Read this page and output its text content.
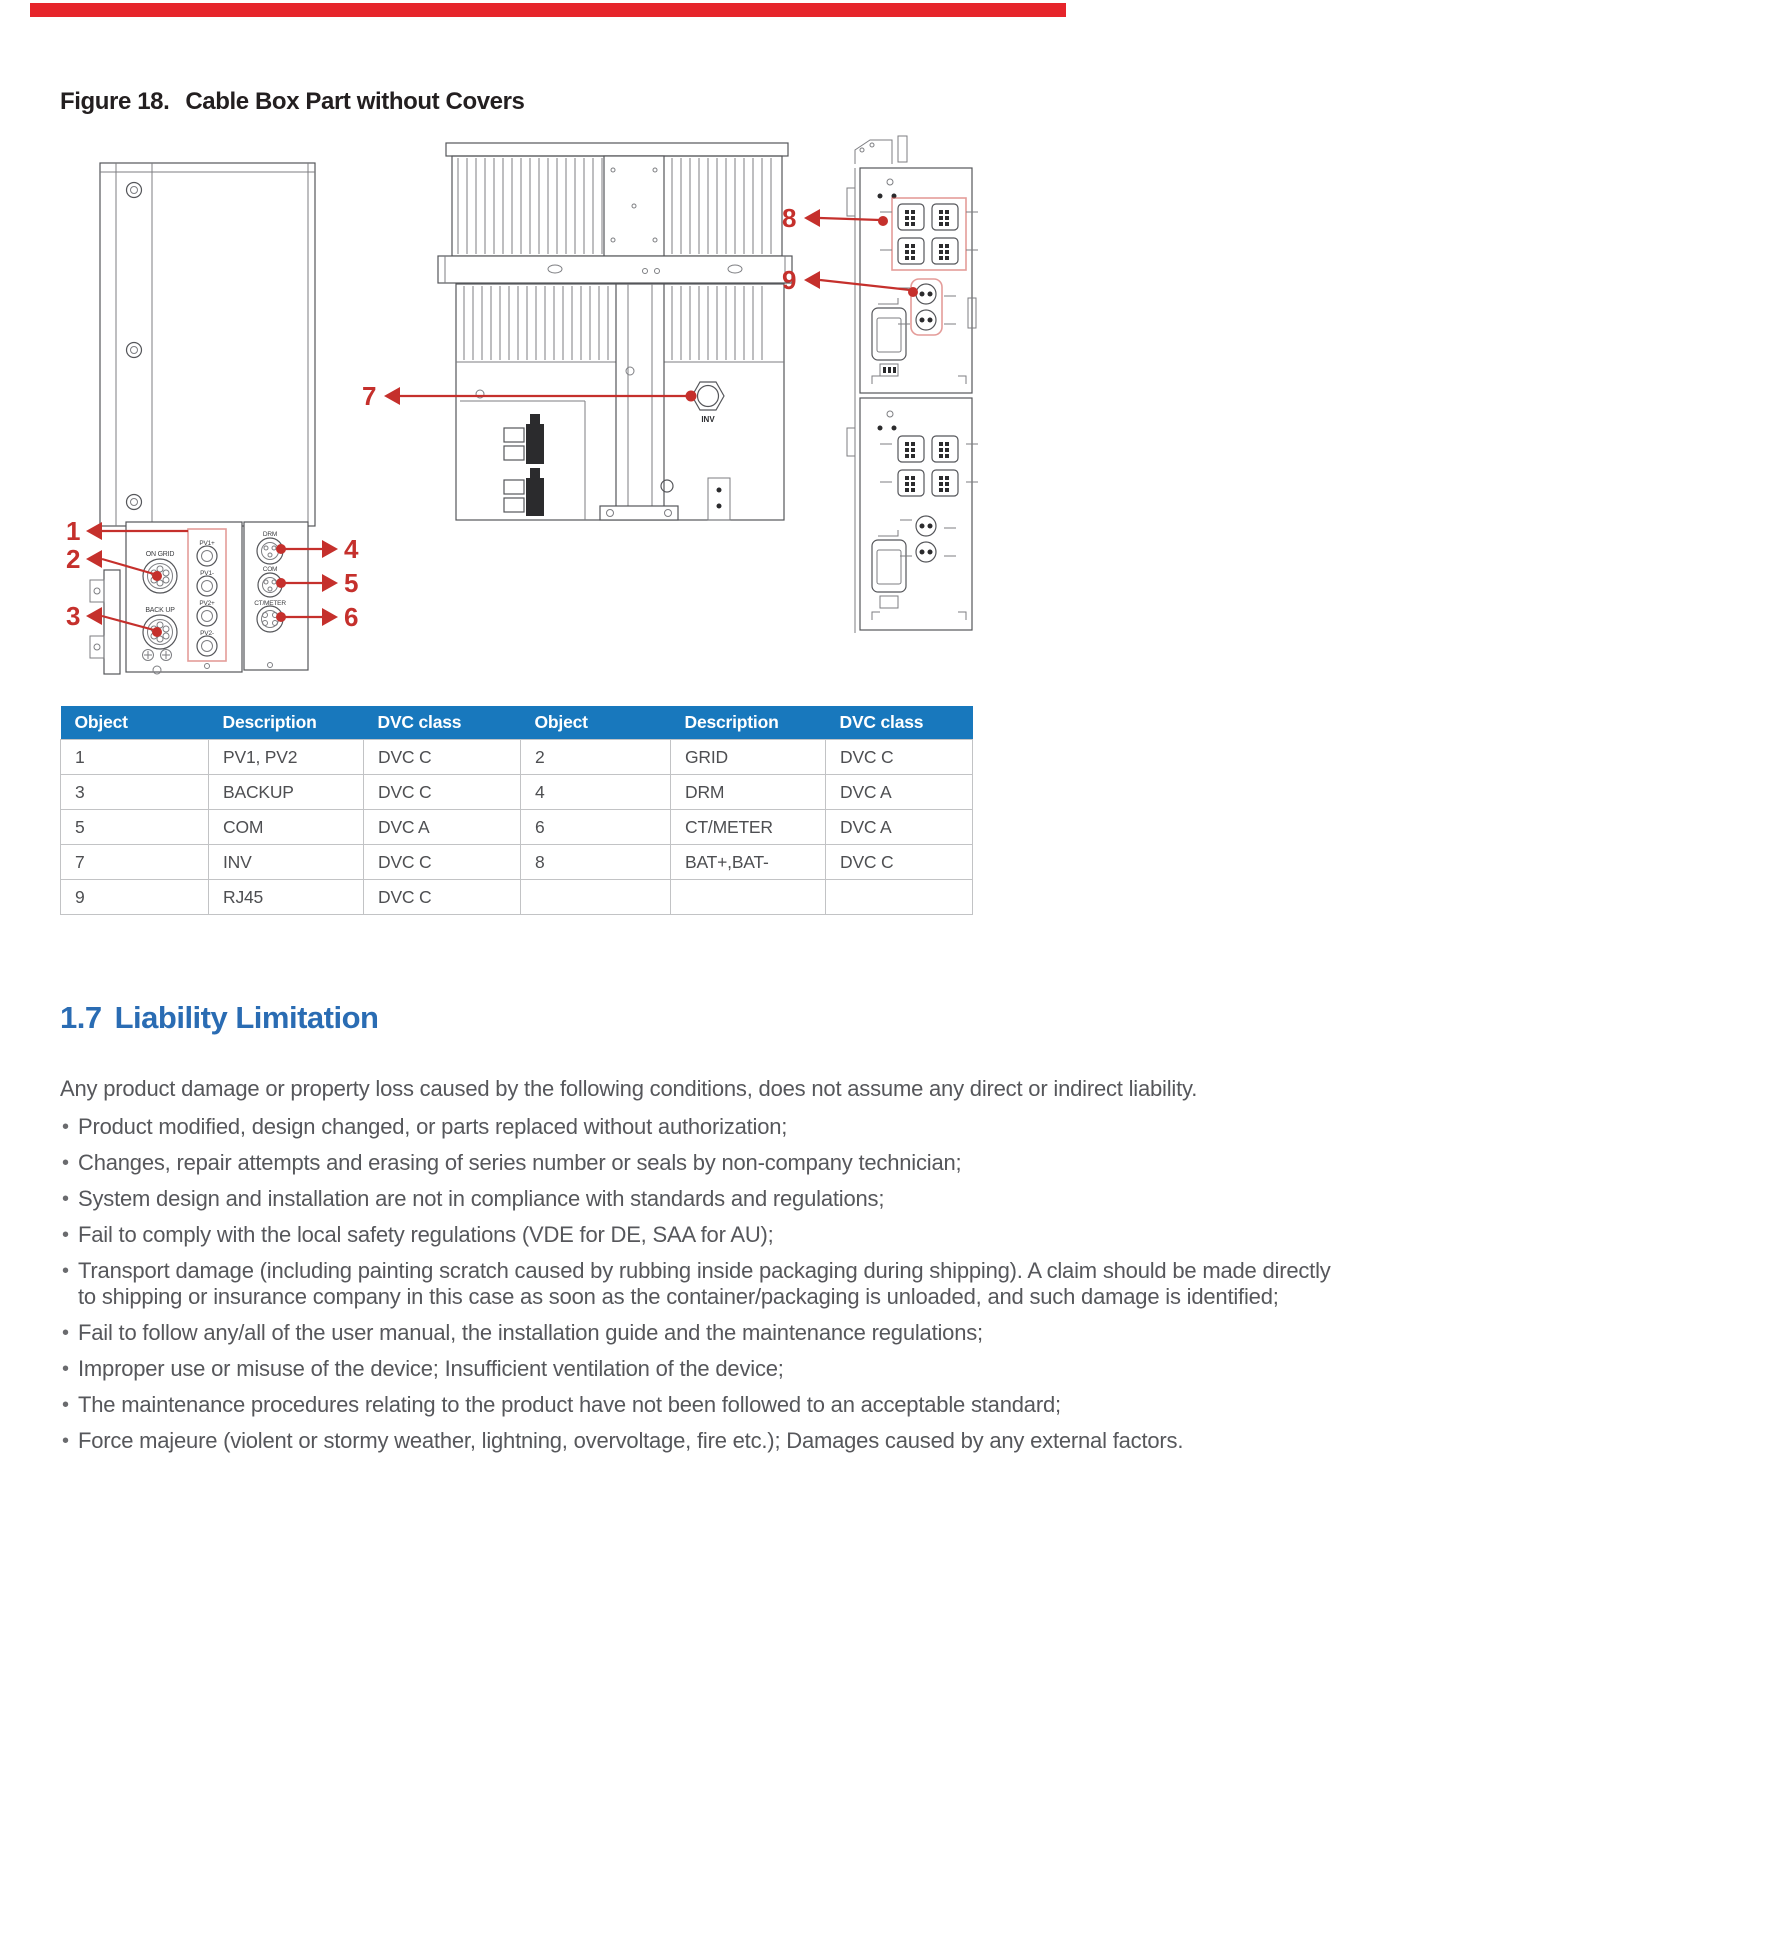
Figure 18. Cable Box Part without Covers
ON GRID
BACK UP
PV1+
PV1-
PV2+
PV2-
DRM
COM
CT/METER
INV
1
2
3
4
5
6
7
8
9
Object	Description	DVC class	Object	Description	DVC class
1	PV1, PV2	DVC C	2	GRID	DVC C
3	BACKUP	DVC C	4	DRM	DVC A
5	COM	DVC A	6	CT/METER	DVC A
7	INV	DVC C	8	BAT+,BAT-	DVC C
9	RJ45	DVC C			
1.7 Liability Limitation

Any product damage or property loss caused by the following conditions, does not assume any direct or indirect liability.

• Product modified, design changed, or parts replaced without authorization;
• Changes, repair attempts and erasing of series number or seals by non-company technician;
• System design and installation are not in compliance with standards and regulations;
• Fail to comply with the local safety regulations (VDE for DE, SAA for AU);
• Transport damage (including painting scratch caused by rubbing inside packaging during shipping). A claim should be made directly to shipping or insurance company in this case as soon as the container/packaging is unloaded, and such damage is identified;
• Fail to follow any/all of the user manual, the installation guide and the maintenance regulations;
• Improper use or misuse of the device; Insufficient ventilation of the device;
• The maintenance procedures relating to the product have not been followed to an acceptable standard;
• Force majeure (violent or stormy weather, lightning, overvoltage, fire etc.); Damages caused by any external factors.
